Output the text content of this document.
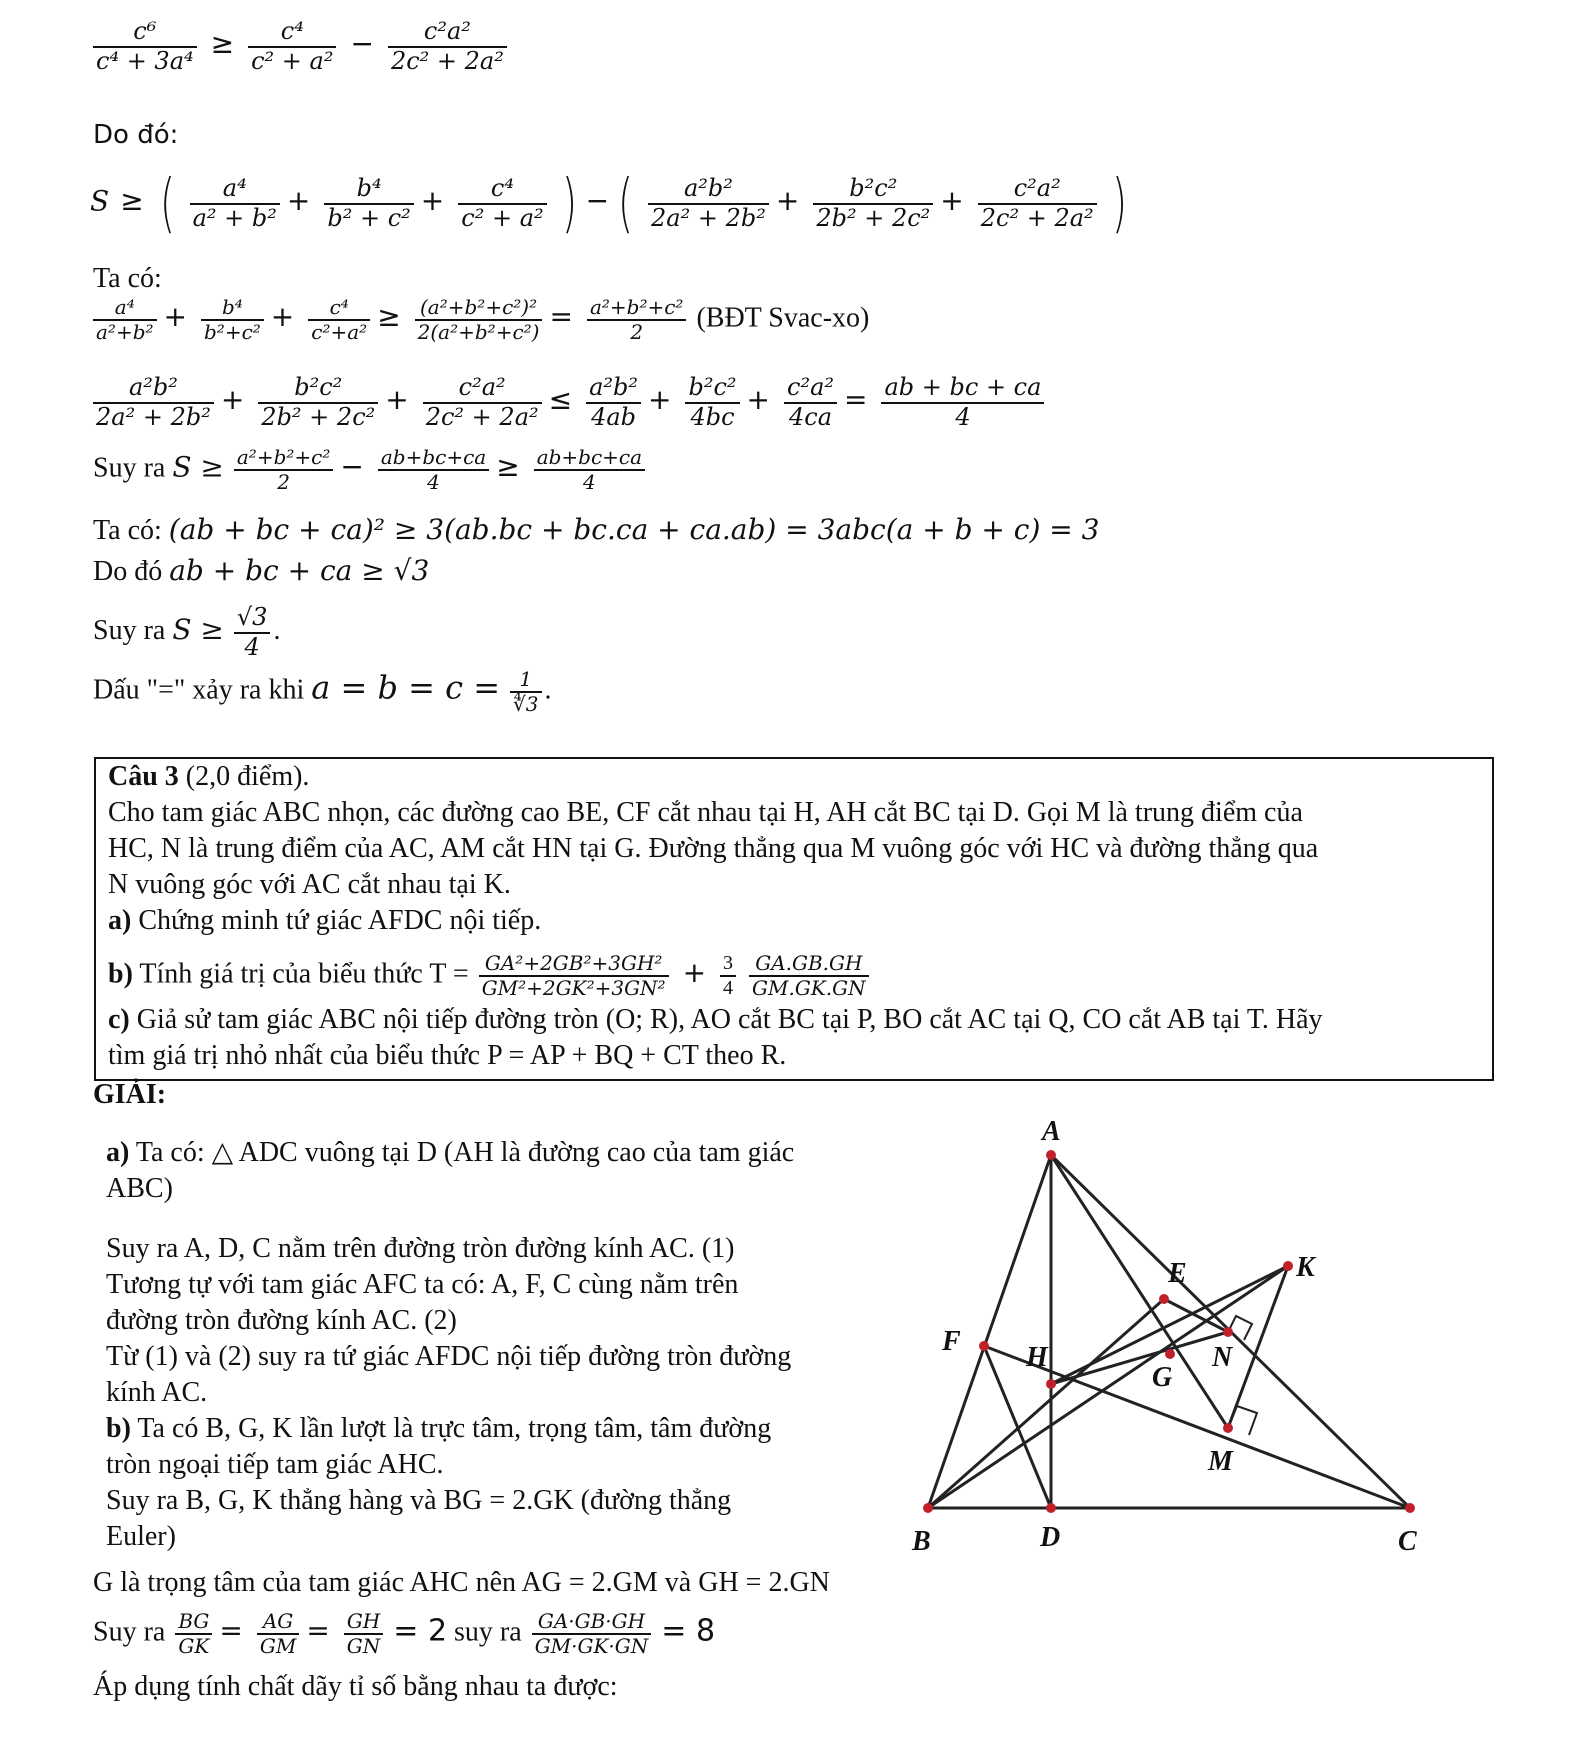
$\frac{\text{c⁶}}{\text{c⁴ + 3a⁴}} \ge \frac{\text{c⁴}}{\text{c² + a²}} - \frac{\text{c²a²}}{\text{2c² + 2a²}}$
Do đó:
S ≥ ( $\frac{\text{a⁴}}{\text{a² + b²}} + \frac{\text{b⁴}}{\text{b² + c²}} + \frac{\text{c⁴}}{\text{c² + a²}}$ ) − ( $\frac{\text{a²b²}}{\text{2a² + 2b²}} + \frac{\text{b²c²}}{\text{2b² + 2c²}} + \frac{\text{c²a²}}{\text{2c² + 2a²}}$ )
Ta có:
$\frac{\text{a⁴}}{\text{a²+b²}} + \frac{\text{b⁴}}{\text{b²+c²}} + \frac{\text{c⁴}}{\text{c²+a²}} \ge \frac{\text{(a²+b²+c²)²}}{\text{2(a²+b²+c²)}} = \frac{\text{a²+b²+c²}}{2}$ (BĐT Svac-xo)
$\frac{\text{a²b²}}{\text{2a² + 2b²}} + \frac{\text{b²c²}}{\text{2b² + 2c²}} + \frac{\text{c²a²}}{\text{2c² + 2a²}} \le \frac{\text{a²b²}}{4ab} + \frac{\text{b²c²}}{4bc} + \frac{\text{c²a²}}{4ca} = \frac{ab + bc + ca}{4}$
Suy ra $S \ge \frac{\text{a²+b²+c²}}{2} - \frac{ab+bc+ca}{4} \ge \frac{ab+bc+ca}{4}$
Ta có: (ab + bc + ca)² ≥ 3(ab.bc + bc.ca + ca.ab) = 3abc(a + b + c) = 3
Do đó ab + bc + ca ≥ √3
Suy ra $S \ge \frac{√3}{4}$ .
Dấu "=" xảy ra khi $a = b = c = \frac{1}{∜3}$ .
Câu 3 (2,0 điểm).
Cho tam giác ABC nhọn, các đường cao BE, CF cắt nhau tại H, AH cắt BC tại D. Gọi M là trung điểm của
HC, N là trung điểm của AC, AM cắt HN tại G. Đường thẳng qua M vuông góc với HC và đường thẳng qua
N vuông góc với AC cắt nhau tại K.
a) Chứng minh tứ giác AFDC nội tiếp.
b) Tính giá trị của biểu thức $T = \frac{\text{GA²+2GB²+3GH²}}{\text{GM²+2GK²+3GN²}} + \frac{3}{4}$
$\frac{GA.GB.GH}{GM.GK.GN}$
c) Giả sử tam giác ABC nội tiếp đường tròn (O; R), AO cắt BC tại P, BO cắt AC tại Q, CO cắt AB tại T. Hãy
tìm giá trị nhỏ nhất của biểu thức P = AP + BQ + CT theo R.
GIẢI:
a) Ta có: △ ADC vuông tại D (AH là đường cao của tam giác
ABC)
Suy ra A, D, C nằm trên đường tròn đường kính AC. (1)
Tương tự với tam giác AFC ta có: A, F, C cùng nằm trên
đường tròn đường kính AC. (2)
Từ (1) và (2) suy ra tứ giác AFDC nội tiếp đường tròn đường
kính AC.
b) Ta có B, G, K lần lượt là trực tâm, trọng tâm, tâm đường
tròn ngoại tiếp tam giác AHC.
Suy ra B, G, K thẳng hàng và BG = 2.GK (đường thẳng
Euler)
G là trọng tâm của tam giác AHC nên AG = 2.GM và GH = 2.GN
Suy ra $\frac{BG}{GK} = \frac{AG}{GM} = \frac{GH}{GN} = 2$ suy ra $\frac{GA\cdot GB\cdot GH}{GM\cdot GK\cdot GN} = 8$
Áp dụng tính chất dãy tỉ số bằng nhau ta được:
A
B	C
D
E
F
H
G
K
N
M
